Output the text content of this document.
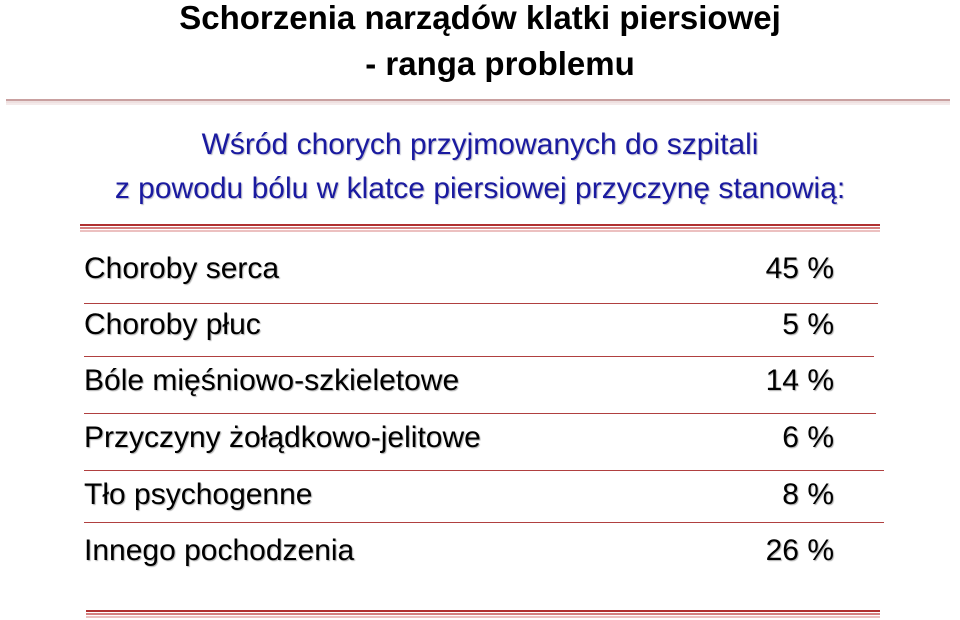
Schorzenia narządów klatki piersiowej
- ranga problemu
Wśród chorych przyjmowanych do szpitali
z powodu bólu w klatce piersiowej przyczynę stanowią:
Choroby serca	45 %
Choroby płuc	5 %
Bóle mięśniowo-szkieletowe	14 %
Przyczyny żołądkowo-jelitowe	6 %
Tło psychogenne	8 %
Innego pochodzenia	26 %
